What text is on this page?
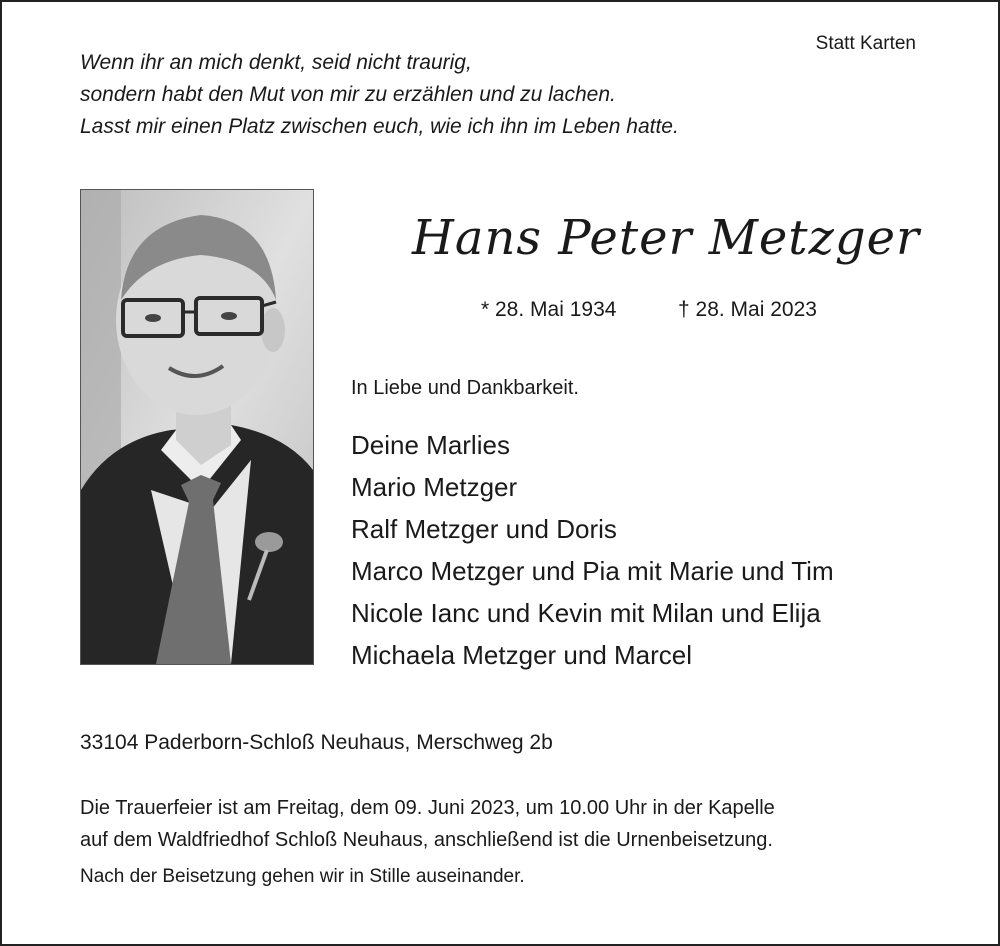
Statt Karten
Wenn ihr an mich denkt, seid nicht traurig,
sondern habt den Mut von mir zu erzählen und zu lachen.
Lasst mir einen Platz zwischen euch, wie ich ihn im Leben hatte.
Hans Peter Metzger
* 28. Mai 1934	† 28. Mai 2023
In Liebe und Dankbarkeit.
Deine Marlies
Mario Metzger
Ralf Metzger und Doris
Marco Metzger und Pia mit Marie und Tim
Nicole Ianc und Kevin mit Milan und Elija
Michaela Metzger und Marcel
33104 Paderborn-Schloß Neuhaus, Merschweg 2b
Die Trauerfeier ist am Freitag, dem 09. Juni 2023, um 10.00 Uhr in der Kapelle
auf dem Waldfriedhof Schloß Neuhaus, anschließend ist die Urnenbeisetzung.
Nach der Beisetzung gehen wir in Stille auseinander.
